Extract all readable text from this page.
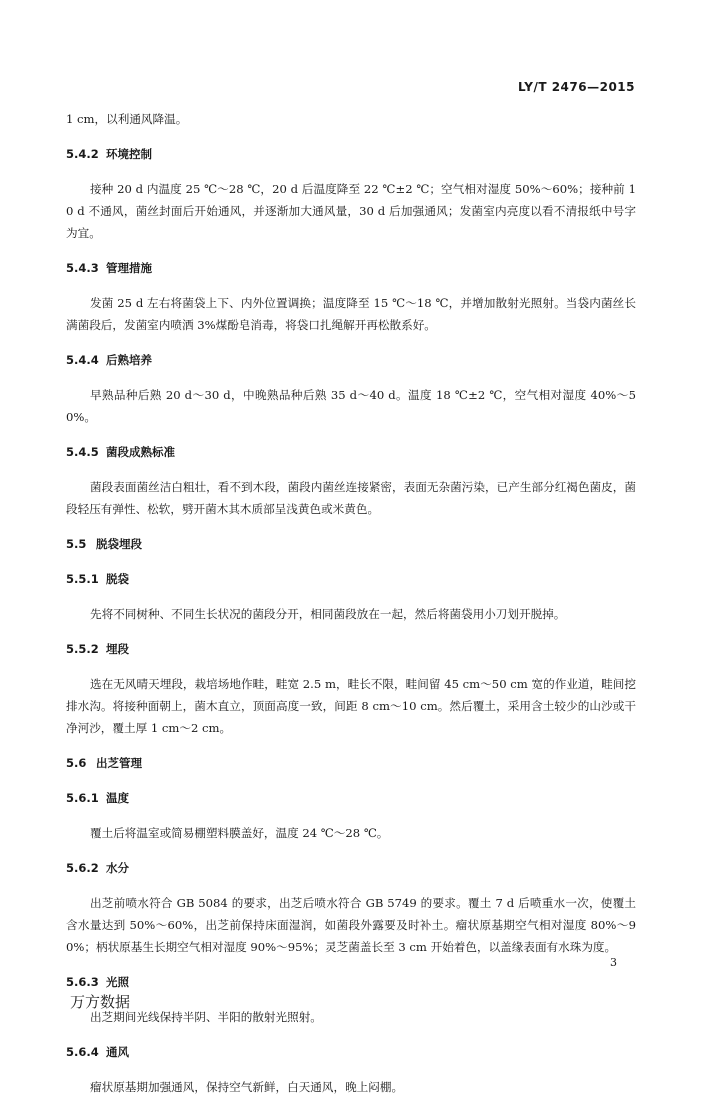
LY/T 2476—2015

1 cm，以利通风降温。

5.4.2 环境控制

接种 20 d 内温度 25 ℃～28 ℃，20 d 后温度降至 22 ℃±2 ℃；空气相对湿度 50%～60%；接种前 10 d 不通风，菌丝封面后开始通风，并逐渐加大通风量，30 d 后加强通风；发菌室内亮度以看不清报纸中号字为宜。

5.4.3 管理措施

发菌 25 d 左右将菌袋上下、内外位置调换；温度降至 15 ℃～18 ℃，并增加散射光照射。当袋内菌丝长满菌段后，发菌室内喷洒 3%煤酚皂消毒，将袋口扎绳解开再松散系好。

5.4.4 后熟培养

早熟品种后熟 20 d～30 d，中晚熟品种后熟 35 d～40 d。温度 18 ℃±2 ℃，空气相对湿度 40%～50%。

5.4.5 菌段成熟标准

菌段表面菌丝洁白粗壮，看不到木段，菌段内菌丝连接紧密，表面无杂菌污染，已产生部分红褐色菌皮，菌段轻压有弹性、松软，劈开菌木其木质部呈浅黄色或米黄色。

5.5 脱袋埋段
5.5.1 脱袋

先将不同树种、不同生长状况的菌段分开，相同菌段放在一起，然后将菌袋用小刀划开脱掉。

5.5.2 埋段

选在无风晴天埋段，栽培场地作畦，畦宽 2.5 m，畦长不限，畦间留 45 cm～50 cm 宽的作业道，畦间挖排水沟。将接种面朝上，菌木直立，顶面高度一致，间距 8 cm～10 cm。然后覆土，采用含土较少的山沙或干净河沙，覆土厚 1 cm～2 cm。

5.6 出芝管理
5.6.1 温度

覆土后将温室或简易棚塑料膜盖好，温度 24 ℃～28 ℃。

5.6.2 水分

出芝前喷水符合 GB 5084 的要求，出芝后喷水符合 GB 5749 的要求。覆土 7 d 后喷重水一次，使覆土含水量达到 50%～60%，出芝前保持床面湿润，如菌段外露要及时补土。瘤状原基期空气相对湿度 80%～90%；柄状原基生长期空气相对湿度 90%～95%；灵芝菌盖长至 3 cm 开始着色，以盖缘表面有水珠为度。

5.6.3 光照

出芝期间光线保持半阴、半阳的散射光照射。

5.6.4 通风

瘤状原基期加强通风，保持空气新鲜，白天通风，晚上闷棚。

3
万方数据
